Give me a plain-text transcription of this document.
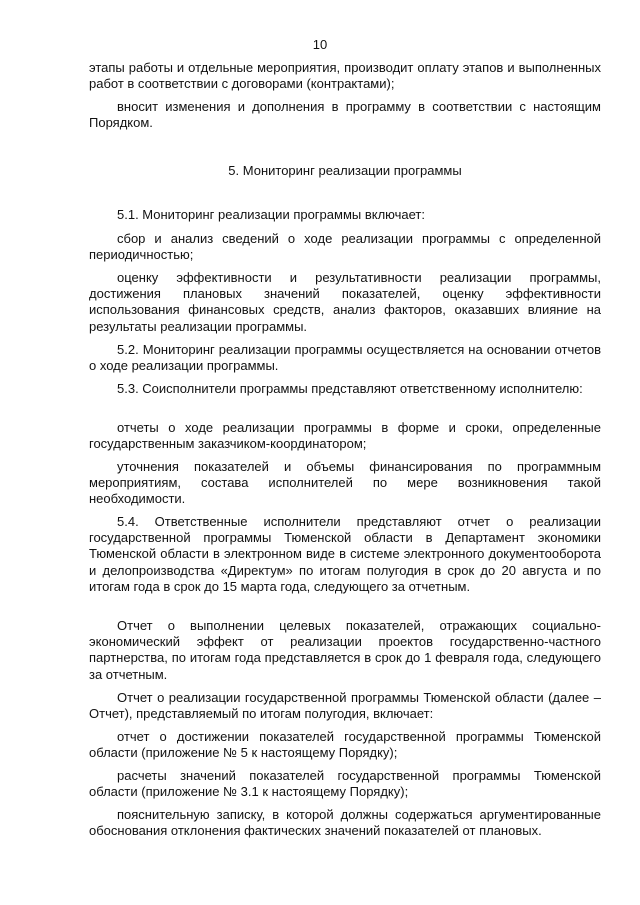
10

этапы работы и отдельные мероприятия, производит оплату этапов и выполненных работ в соответствии с договорами (контрактами);

вносит изменения и дополнения в программу в соответствии с настоящим Порядком.

5. Мониторинг реализации программы

5.1. Мониторинг реализации программы включает:

сбор и анализ сведений о ходе реализации программы с определенной периодичностью;

оценку эффективности и результативности реализации программы, достижения плановых значений показателей, оценку эффективности использования финансовых средств, анализ факторов, оказавших влияние на результаты реализации программы.

5.2. Мониторинг реализации программы осуществляется на основании отчетов о ходе реализации программы.

5.3. Соисполнители программы представляют ответственному исполнителю:

отчеты о ходе реализации программы в форме и сроки, определенные государственным заказчиком-координатором;

уточнения показателей и объемы финансирования по программным мероприятиям, состава исполнителей по мере возникновения такой необходимости.

5.4. Ответственные исполнители представляют отчет о реализации государственной программы Тюменской области в Департамент экономики Тюменской области в электронном виде в системе электронного документооборота и делопроизводства «Директум» по итогам полугодия в срок до 20 августа и по итогам года в срок до 15 марта года, следующего за отчетным.

Отчет о выполнении целевых показателей, отражающих социально-экономический эффект от реализации проектов государственно-частного партнерства, по итогам года представляется в срок до 1 февраля года, следующего за отчетным.

Отчет о реализации государственной программы Тюменской области (далее – Отчет), представляемый по итогам полугодия, включает:

отчет о достижении показателей государственной программы Тюменской области (приложение № 5 к настоящему Порядку);

расчеты значений показателей государственной программы Тюменской области (приложение № 3.1 к настоящему Порядку);

пояснительную записку, в которой должны содержаться аргументированные обоснования отклонения фактических значений показателей от плановых.
